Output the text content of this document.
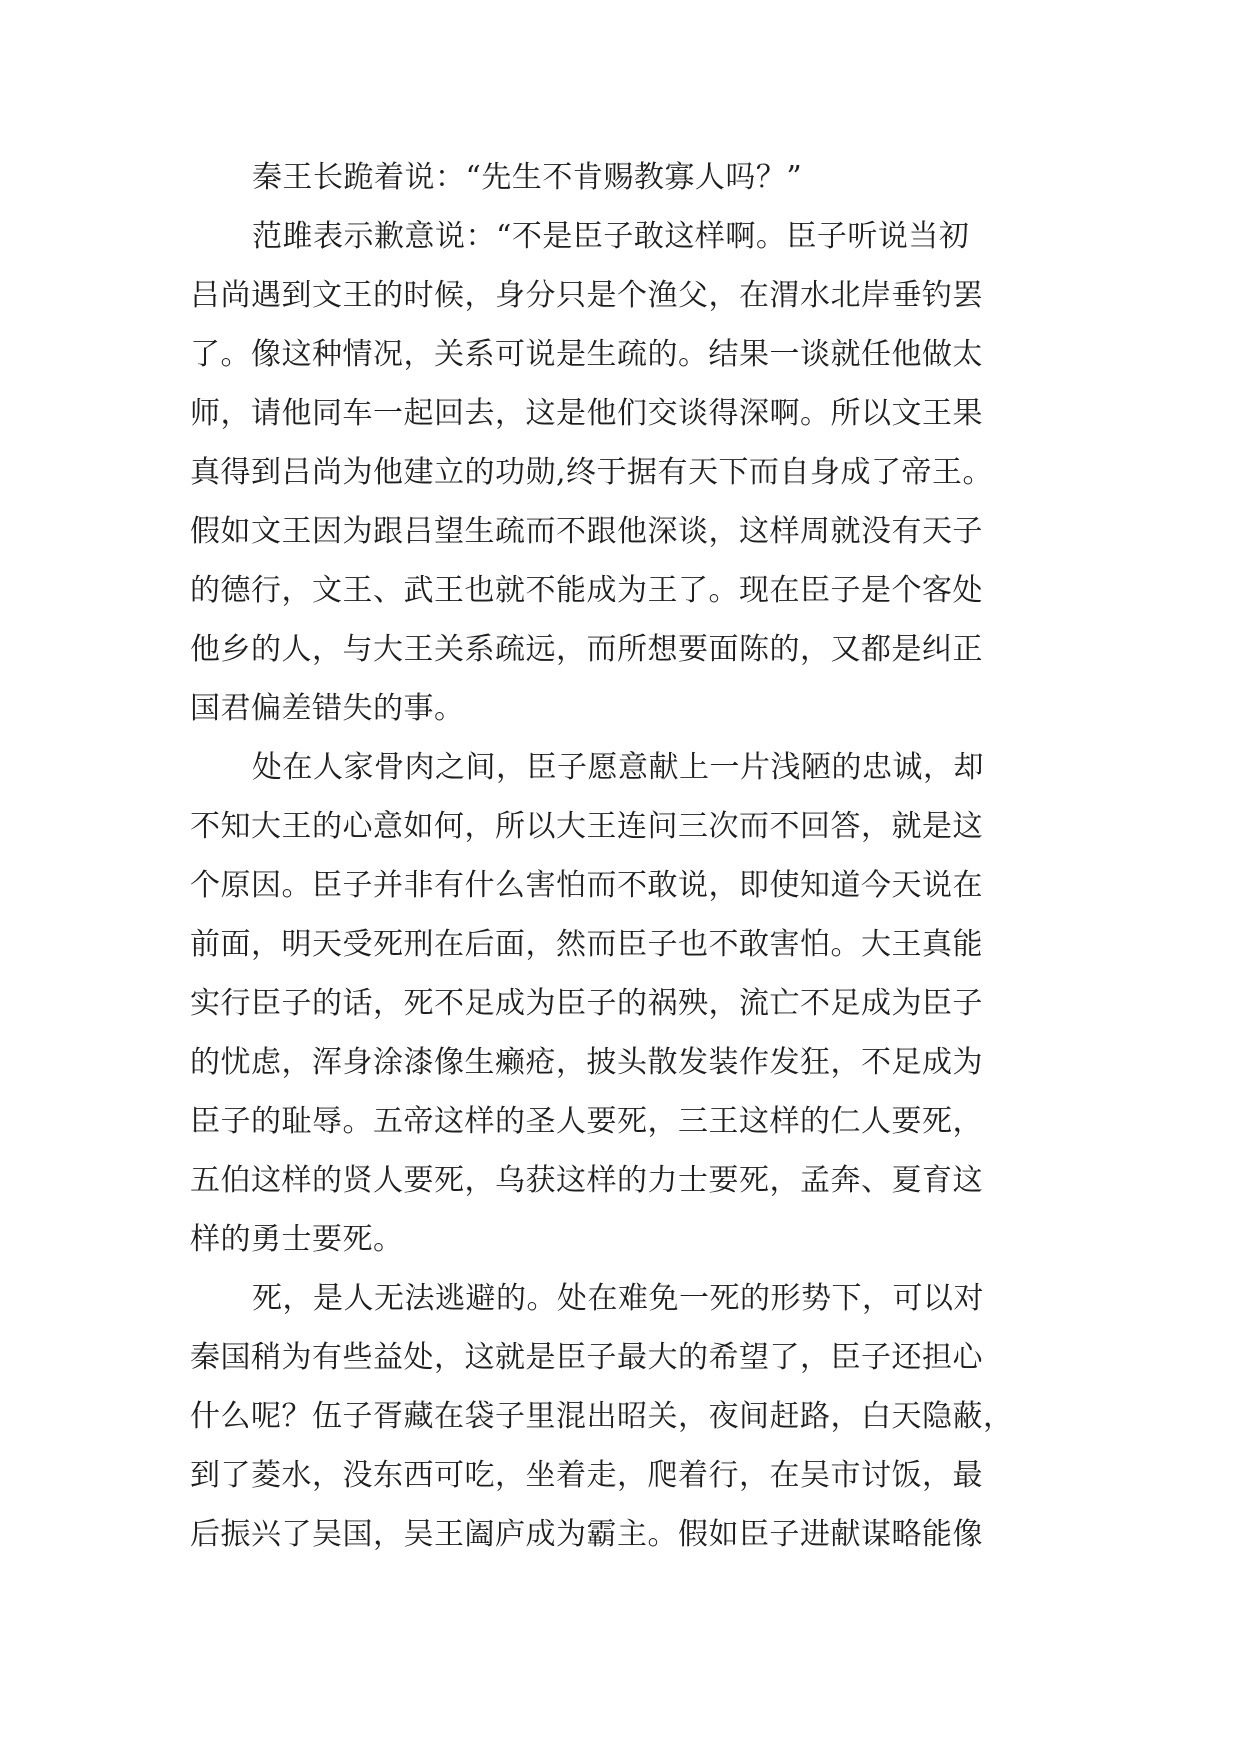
秦王长跪着说：“先生不肯赐教寡人吗？”
范雎表示歉意说：“不是臣子敢这样啊。臣子听说当初
吕尚遇到文王的时候，身分只是个渔父，在渭水北岸垂钓罢
了。像这种情况，关系可说是生疏的。结果一谈就任他做太
师，请他同车一起回去，这是他们交谈得深啊。所以文王果
真得到吕尚为他建立的功勋,终于据有天下而自身成了帝王。
假如文王因为跟吕望生疏而不跟他深谈，这样周就没有天子
的德行，文王、武王也就不能成为王了。现在臣子是个客处
他乡的人，与大王关系疏远，而所想要面陈的，又都是纠正
国君偏差错失的事。
处在人家骨肉之间，臣子愿意献上一片浅陋的忠诚，却
不知大王的心意如何，所以大王连问三次而不回答，就是这
个原因。臣子并非有什么害怕而不敢说，即使知道今天说在
前面，明天受死刑在后面，然而臣子也不敢害怕。大王真能
实行臣子的话，死不足成为臣子的祸殃，流亡不足成为臣子
的忧虑，浑身涂漆像生癞疮，披头散发装作发狂，不足成为
臣子的耻辱。五帝这样的圣人要死，三王这样的仁人要死，
五伯这样的贤人要死，乌获这样的力士要死，孟奔、夏育这
样的勇士要死。
死，是人无法逃避的。处在难免一死的形势下，可以对
秦国稍为有些益处，这就是臣子最大的希望了，臣子还担心
什么呢？伍子胥藏在袋子里混出昭关，夜间赶路，白天隐蔽，
到了菱水，没东西可吃，坐着走，爬着行，在吴市讨饭，最
后振兴了吴国，吴王阖庐成为霸主。假如臣子进献谋略能像
